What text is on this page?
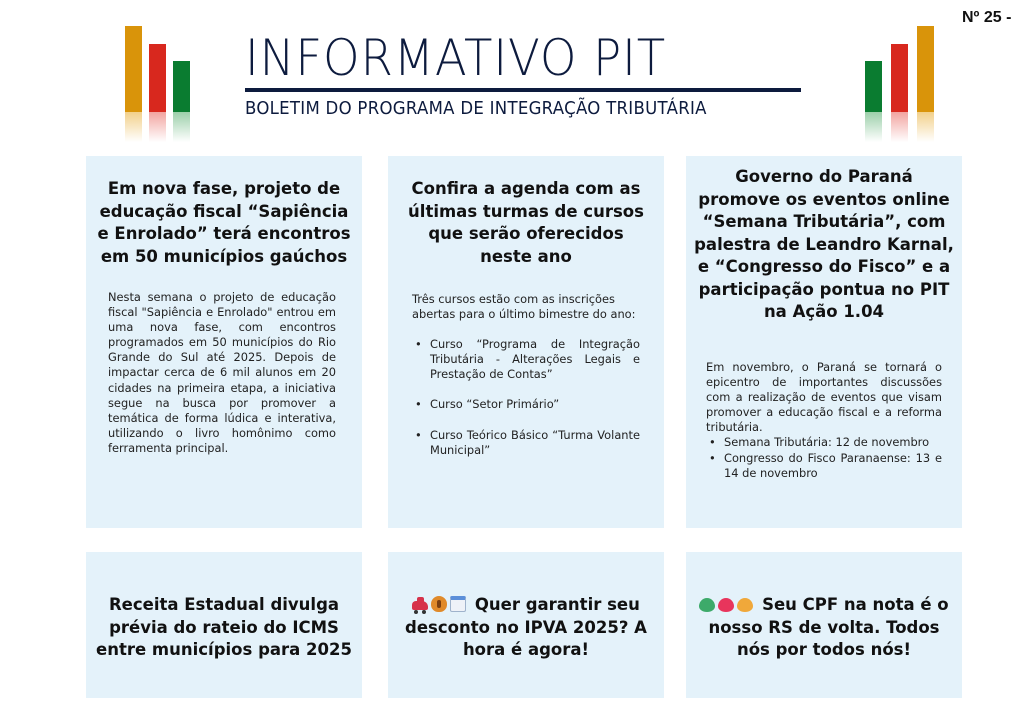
Nº 25 -
INFORMATIVO PIT
BOLETIM DO PROGRAMA DE INTEGRAÇÃO TRIBUTÁRIA
Em nova fase, projeto de educação fiscal “Sapiência e Enrolado” terá encontros em 50 municípios gaúchos
Nesta semana o projeto de educação fiscal "Sapiência e Enrolado" entrou em uma nova fase, com encontros programados em 50 municípios do Rio Grande do Sul até 2025. Depois de impactar cerca de 6 mil alunos em 20 cidades na primeira etapa, a iniciativa segue na busca por promover a temática de forma lúdica e interativa, utilizando o livro homônimo como ferramenta principal.
Confira a agenda com as últimas turmas de cursos que serão oferecidos neste ano

Três cursos estão com as inscrições abertas para o último bimestre do ano:

• Curso “Programa de Integração Tributária - Alterações Legais e Prestação de Contas”
• Curso “Setor Primário”
• Curso Teórico Básico “Turma Volante Municipal”
Governo do Paraná promove os eventos online “Semana Tributária”, com palestra de Leandro Karnal, e “Congresso do Fisco” e a participação pontua no PIT na Ação 1.04

Em novembro, o Paraná se tornará o epicentro de importantes discussões com a realização de eventos que visam promover a educação fiscal e a reforma tributária.

• Semana Tributária: 12 de novembro
• Congresso do Fisco Paranaense: 13 e 14 de novembro
Receita Estadual divulga prévia do rateio do ICMS entre municípios para 2025
Quer garantir seu desconto no IPVA 2025? A hora é agora!
Seu CPF na nota é o nosso RS de volta. Todos nós por todos nós!
